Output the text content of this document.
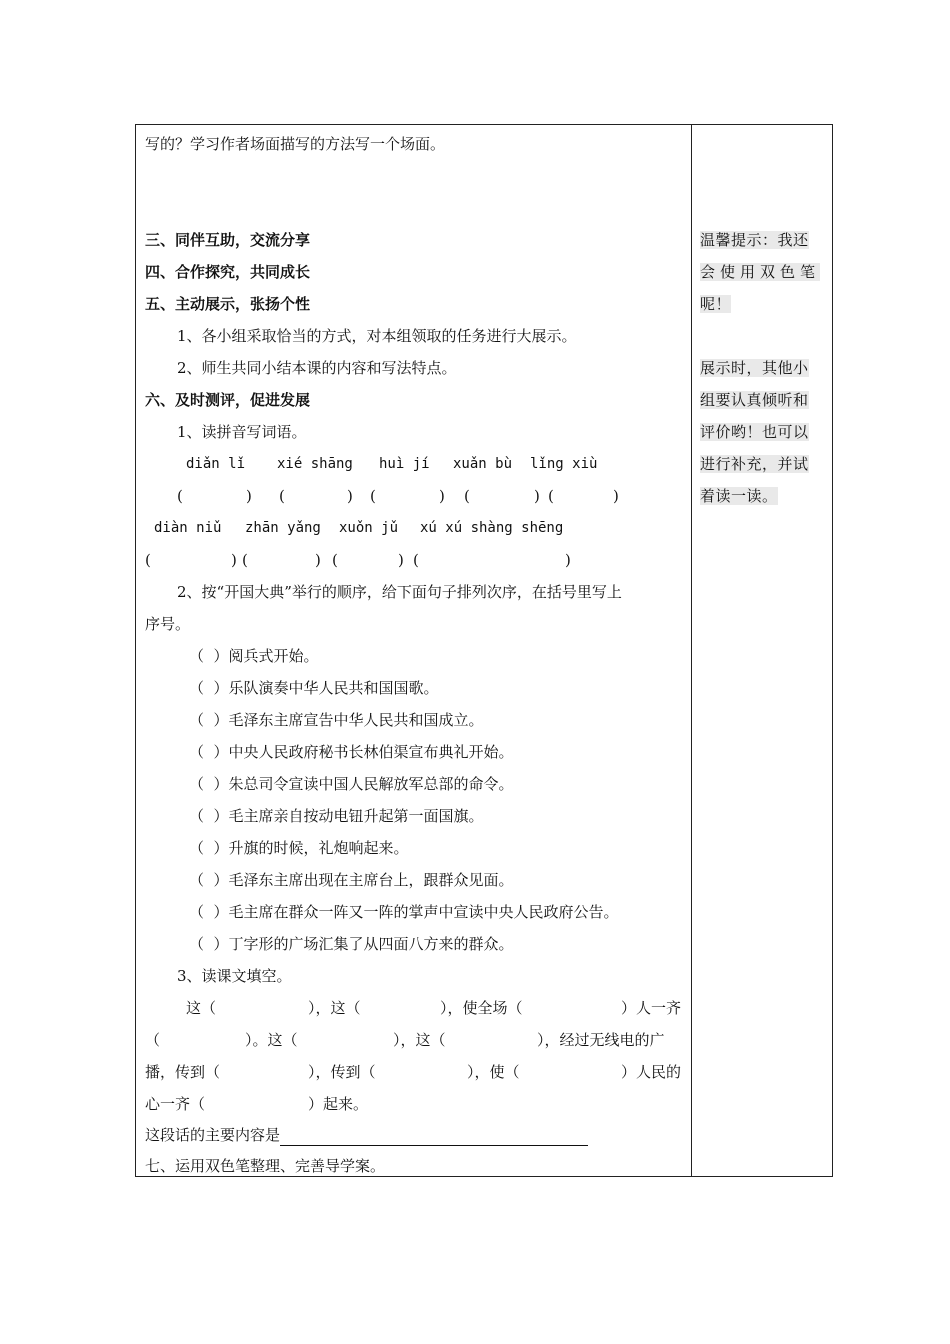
写的？学习作者场面描写的方法写一个场面。
三、同伴互助，交流分享
四、合作探究，共同成长
五、主动展示，张扬个性
1、各小组采取恰当的方式，对本组领取的任务进行大展示。
2、师生共同小结本课的内容和写法特点。
六、及时测评，促进发展
1、读拼音写词语。
diǎn lǐ xié shāng huì jí xuǎn bù lǐng xiù
(	) (	) (	) (	) (	)
diàn niǔ zhān yǎng xuǒn jǔ xú xú shàng shēng
(	) (	) (	) (	)
2、按“开国大典”举行的顺序，给下面句子排列次序，在括号里写上
序号。
（  ）阅兵式开始。
（  ）乐队演奏中华人民共和国国歌。
（  ）毛泽东主席宣告中华人民共和国成立。
（  ）中央人民政府秘书长林伯渠宣布典礼开始。
（  ）朱总司令宣读中国人民解放军总部的命令。
（  ）毛主席亲自按动电钮升起第一面国旗。
（  ）升旗的时候，礼炮响起来。
（  ）毛泽东主席出现在主席台上，跟群众见面。
（  ）毛主席在群众一阵又一阵的掌声中宣读中央人民政府公告。
（  ）丁字形的广场汇集了从四面八方来的群众。
3、读课文填空。
这（	），这（	），使全场（	）人一齐
（	）。这（	），这（	），经过无线电的广
播，传到（	），传到（	），使（	）人民的
心一齐（	）起来。
这段话的主要内容是
七、运用双色笔整理、完善导学案。
温馨提示：我还
会使用双色笔
呢！
展示时，其他小
组要认真倾听和
评价哟！也可以
进行补充，并试
着读一读。
